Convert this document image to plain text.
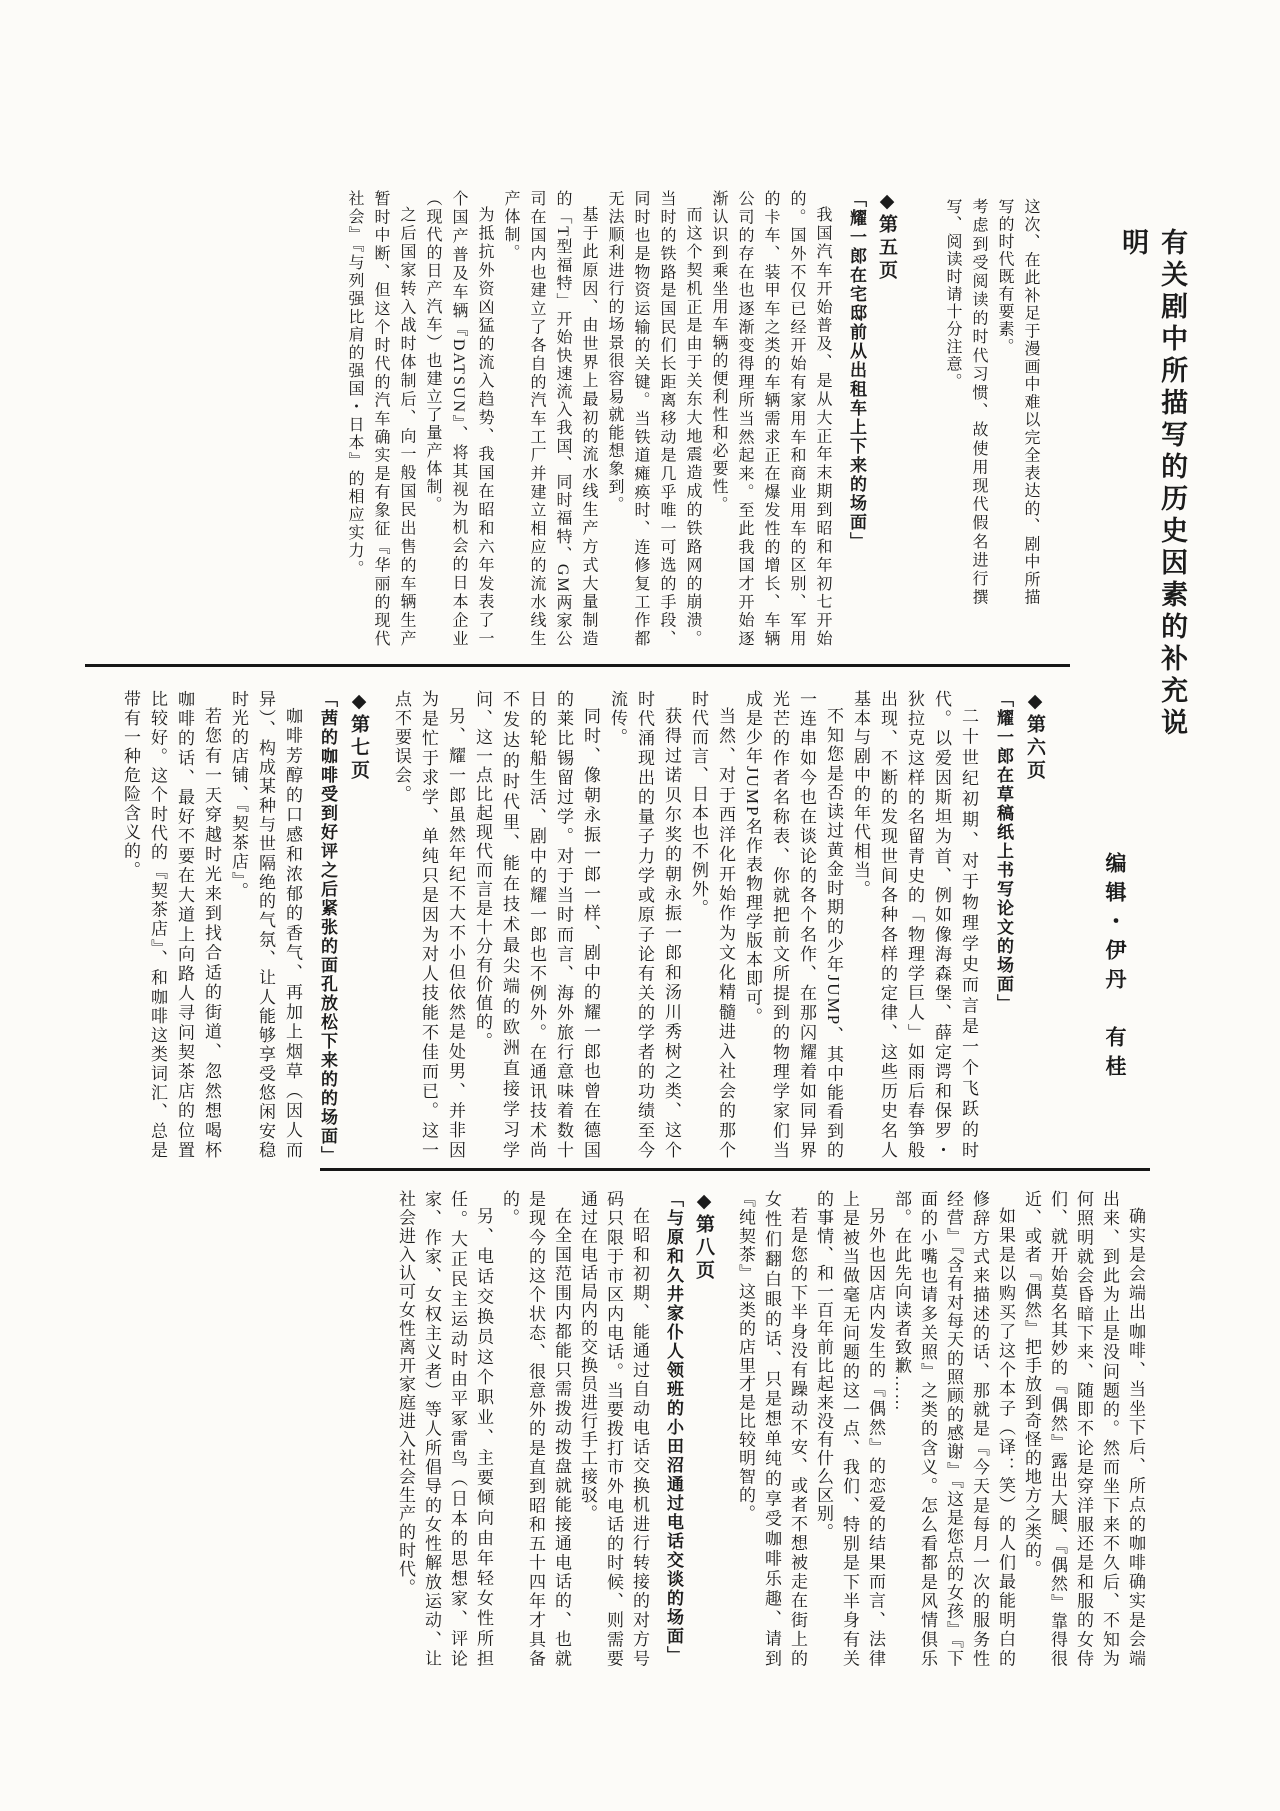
有关剧中所描写的历史因素的补充说明
编辑・伊丹　有桂

这次、在此补足于漫画中难以完全表达的、剧中所描写的时代既有要素。

考虑到受阅读的时代习惯、故使用现代假名进行撰写、阅读时请十分注意。

◆第五页
「耀一郎在宅邸前从出租车上下来的场面」

我国汽车开始普及、是从大正年末期到昭和年初七开始的。国外不仅已经开始有家用车和商业用车的区别、军用的卡车、装甲车之类的车辆需求正在爆发性的增长、车辆公司的存在也逐渐变得理所当然起来。至此我国才开始逐渐认识到乘坐用车辆的便利性和必要性。

而这个契机正是由于关东大地震造成的铁路网的崩溃。当时的铁路是国民们长距离移动是几乎唯一可选的手段、同时也是物资运输的关键。当铁道瘫痪时、连修复工作都无法顺利进行的场景很容易就能想象到。

基于此原因、由世界上最初的流水线生产方式大量制造的「T型福特」开始快速流入我国、同时福特、GM两家公司在国内也建立了各自的汽车工厂并建立相应的流水线生产体制。

为抵抗外资凶猛的流入趋势、我国在昭和六年发表了一个国产普及车辆『DATSUN』、将其视为机会的日本企业（现代的日产汽车）也建立了量产体制。

之后国家转入战时体制后、向一般国民出售的车辆生产暂时中断、但这个时代的汽车确实是有象征『华丽的现代社会』『与列强比肩的强国・日本』的相应实力。

◆第六页
「耀一郎在草稿纸上书写论文的场面」

二十世纪初期、对于物理学史而言是一个飞跃的时代。以爱因斯坦为首、例如像海森堡、薛定谔和保罗・狄拉克这样的名留青史的「物理学巨人」如雨后春笋般出现、不断的发现世间各种各样的定律、这些历史名人基本与剧中的年代相当。

不知您是否读过黄金时期的少年JUMP、其中能看到的一连串如今也在谈论的各个名作、在那闪耀着如同异界光芒的作者名称表、你就把前文所提到的物理学家们当成是少年JUMP名作表物理学版本即可。

当然、对于西洋化开始作为文化精髓进入社会的那个时代而言、日本也不例外。

获得过诺贝尔奖的朝永振一郎和汤川秀树之类、这个时代涌现出的量子力学或原子论有关的学者的功绩至今流传。

同时、像朝永振一郎一样、剧中的耀一郎也曾在德国的莱比锡留过学。对于当时而言、海外旅行意味着数十日的轮船生活、剧中的耀一郎也不例外。在通讯技术尚不发达的时代里、能在技术最尖端的欧洲直接学习学问、这一点比起现代而言是十分有价值的。

另、耀一郎虽然年纪不大不小但依然是处男、并非因为是忙于求学、单纯只是因为对人技能不佳而已。这一点不要误会。

◆第七页
「茜的咖啡受到好评之后紧张的面孔放松下来的的场面」

咖啡芳醇的口感和浓郁的香气、再加上烟草（因人而异）、构成某种与世隔绝的气氛、让人能够享受悠闲安稳时光的店铺、『契茶店』。

若您有一天穿越时光来到找合适的街道、忽然想喝杯咖啡的话、最好不要在大道上向路人寻问契茶店的位置比较好。这个时代的『契茶店』、和咖啡这类词汇、总是带有一种危险含义的。

确实是会端出咖啡、当坐下后、所点的咖啡确实是会端出来、到此为止是没问题的。然而坐下来不久后、不知为何照明就会昏暗下来、随即不论是穿洋服还是和服的女侍们、就开始莫名其妙的『偶然』露出大腿、『偶然』靠得很近、或者『偶然』把手放到奇怪的地方之类的。

如果是以购买了这个本子（译：笑）的人们最能明白的修辞方式来描述的话、那就是『今天是每月一次的服务性经营』『含有对每天的照顾的感谢』『这是您点的女孩』『下面的小嘴也请多关照』之类的含义。怎么看都是风情俱乐部。在此先向读者致歉……

另外也因店内发生的『偶然』的恋爱的结果而言、法律上是被当做毫无问题的这一点、我们、特别是下半身有关的事情、和一百年前比起来没有什么区别。

若是您的下半身没有躁动不安、或者不想被走在街上的女性们翻白眼的话、只是想单纯的享受咖啡乐趣、请到『纯契茶』这类的店里才是比较明智的。

◆第八页
「与原和久井家仆人领班的小田沼通过电话交谈的场面」

在昭和初期、能通过自动电话交换机进行转接的对方号码只限于市区内电话。当要拨打市外电话的时候、则需要通过在电话局内的交换员进行手工接驳。

在全国范围内都能只需拨动拨盘就能接通电话的、也就是现今的这个状态、很意外的是直到昭和五十四年才具备的。

另、电话交换员这个职业、主要倾向由年轻女性所担任。大正民主运动时由平冢雷鸟（日本的思想家、评论家、作家、女权主义者）等人所倡导的女性解放运动、让社会进入认可女性离开家庭进入社会生产的时代。
